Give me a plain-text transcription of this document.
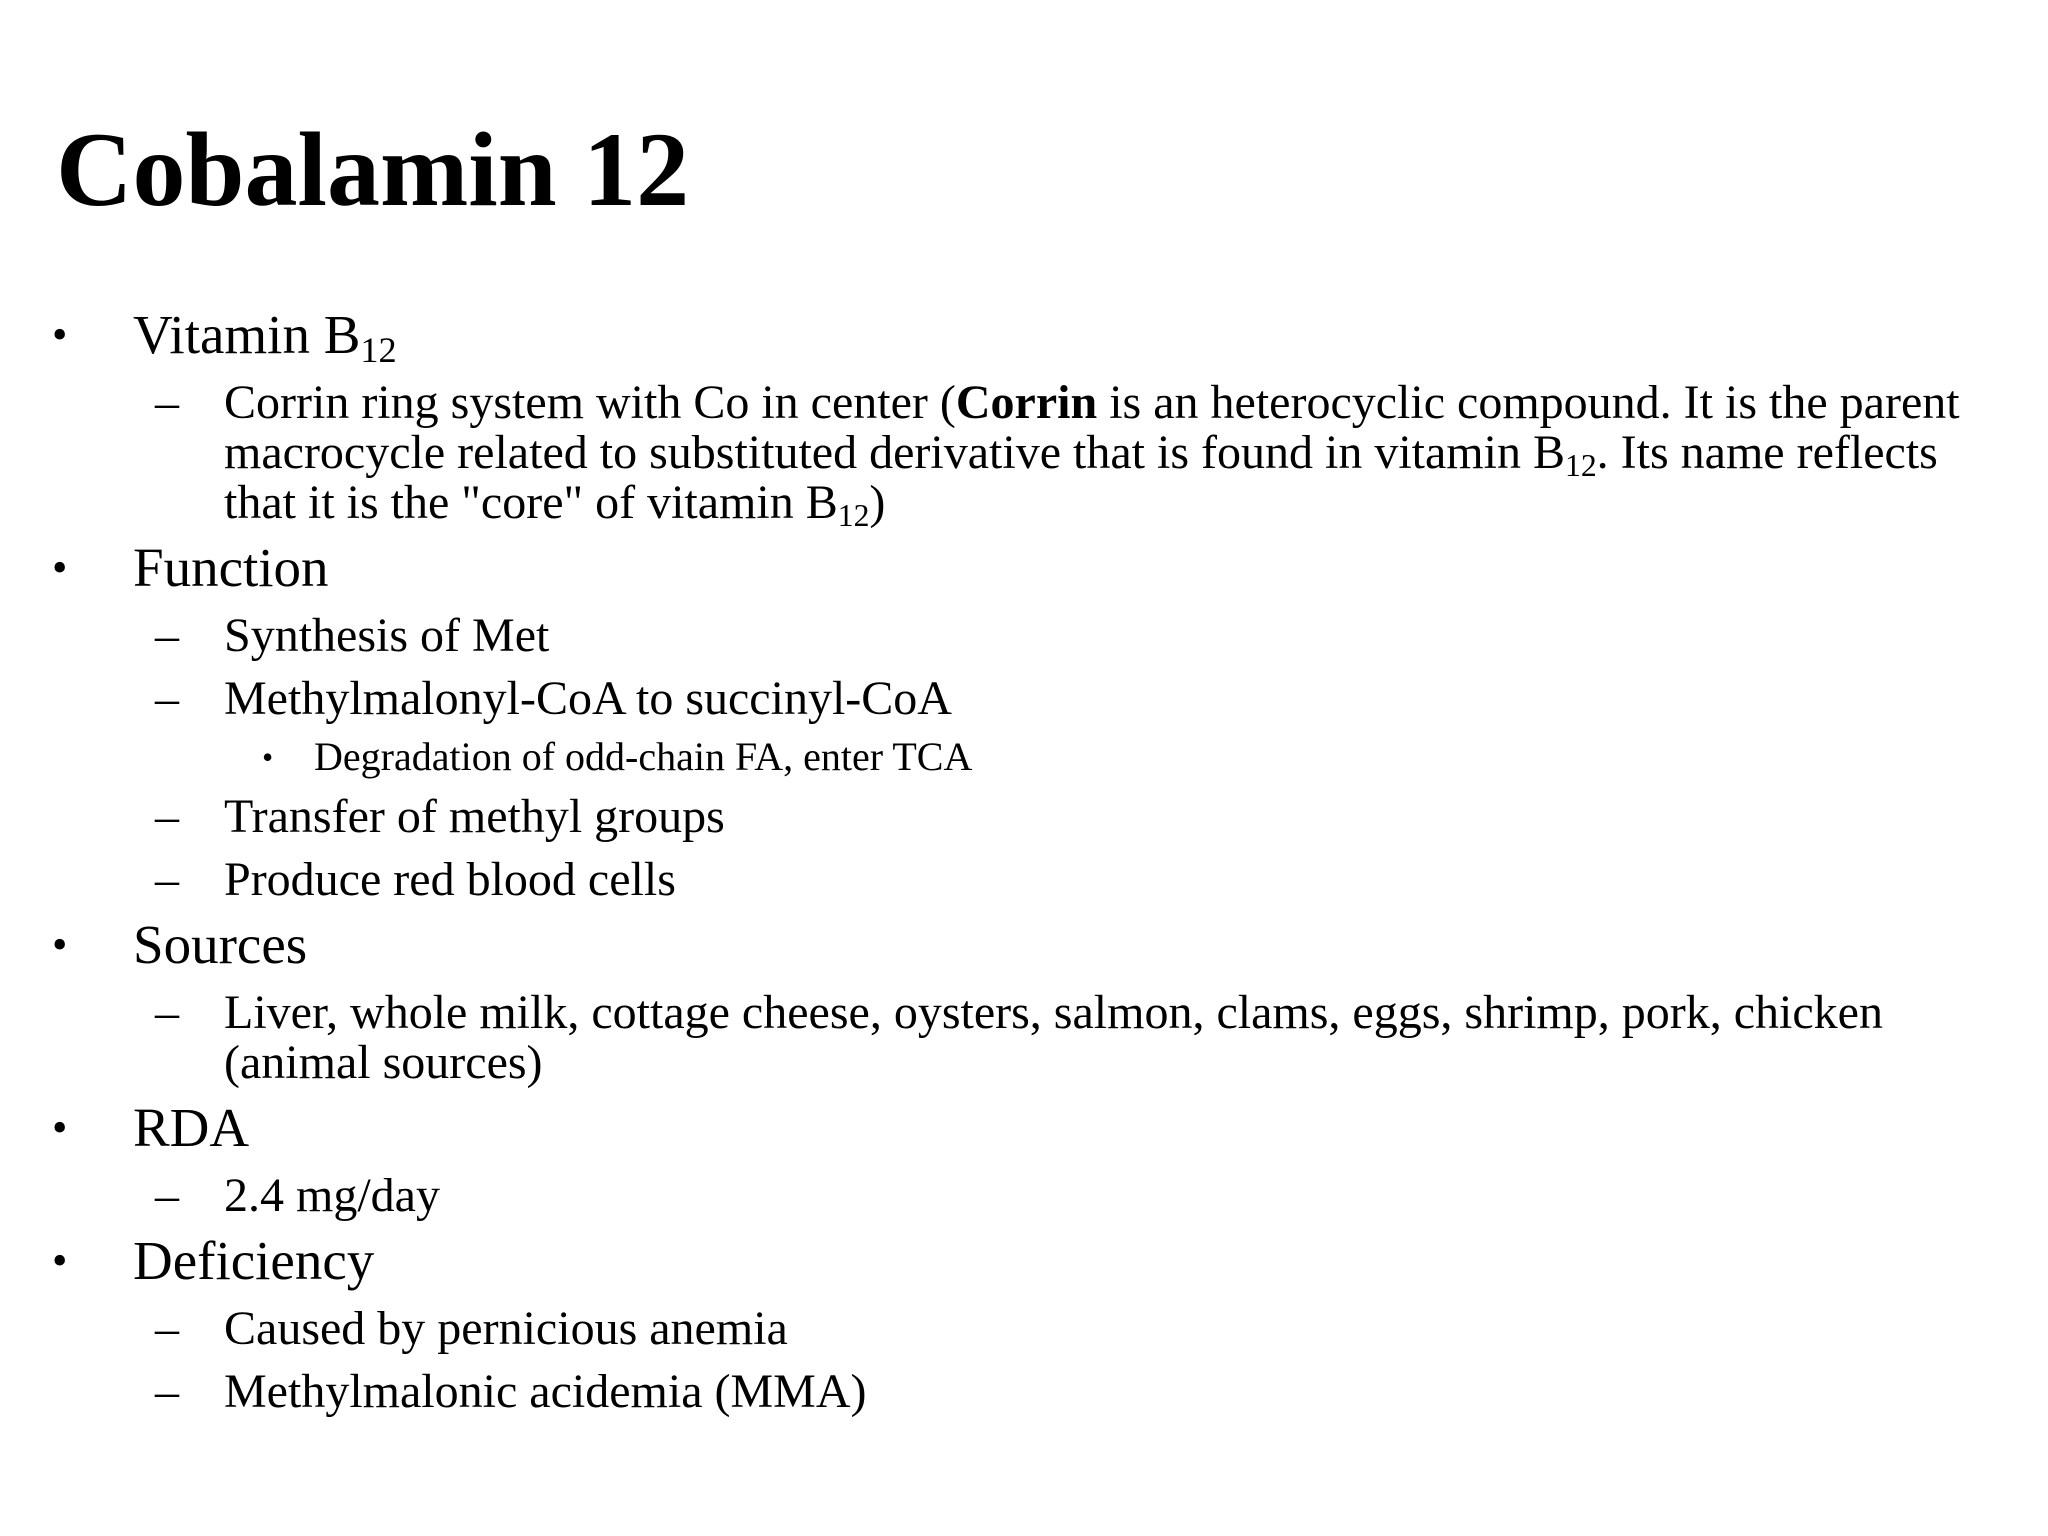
Cobalamin 12
• Vitamin $B_{12}$
– Corrin ring system with Co in center (Corrin is an heterocyclic compound. It is the parent macrocycle related to substituted derivative that is found in vitamin $B_{12}$. Its name reflects that it is the "core" of vitamin $B_{12}$)
• Function
– Synthesis of Met
– Methylmalonyl-CoA to succinyl-CoA
• Degradation of odd-chain FA, enter TCA
– Transfer of methyl groups
– Produce red blood cells
• Sources
– Liver, whole milk, cottage cheese, oysters, salmon, clams, eggs, shrimp, pork, chicken (animal sources)
• RDA
– 2.4 mg/day
• Deficiency
– Caused by pernicious anemia
– Methylmalonic acidemia (MMA)
